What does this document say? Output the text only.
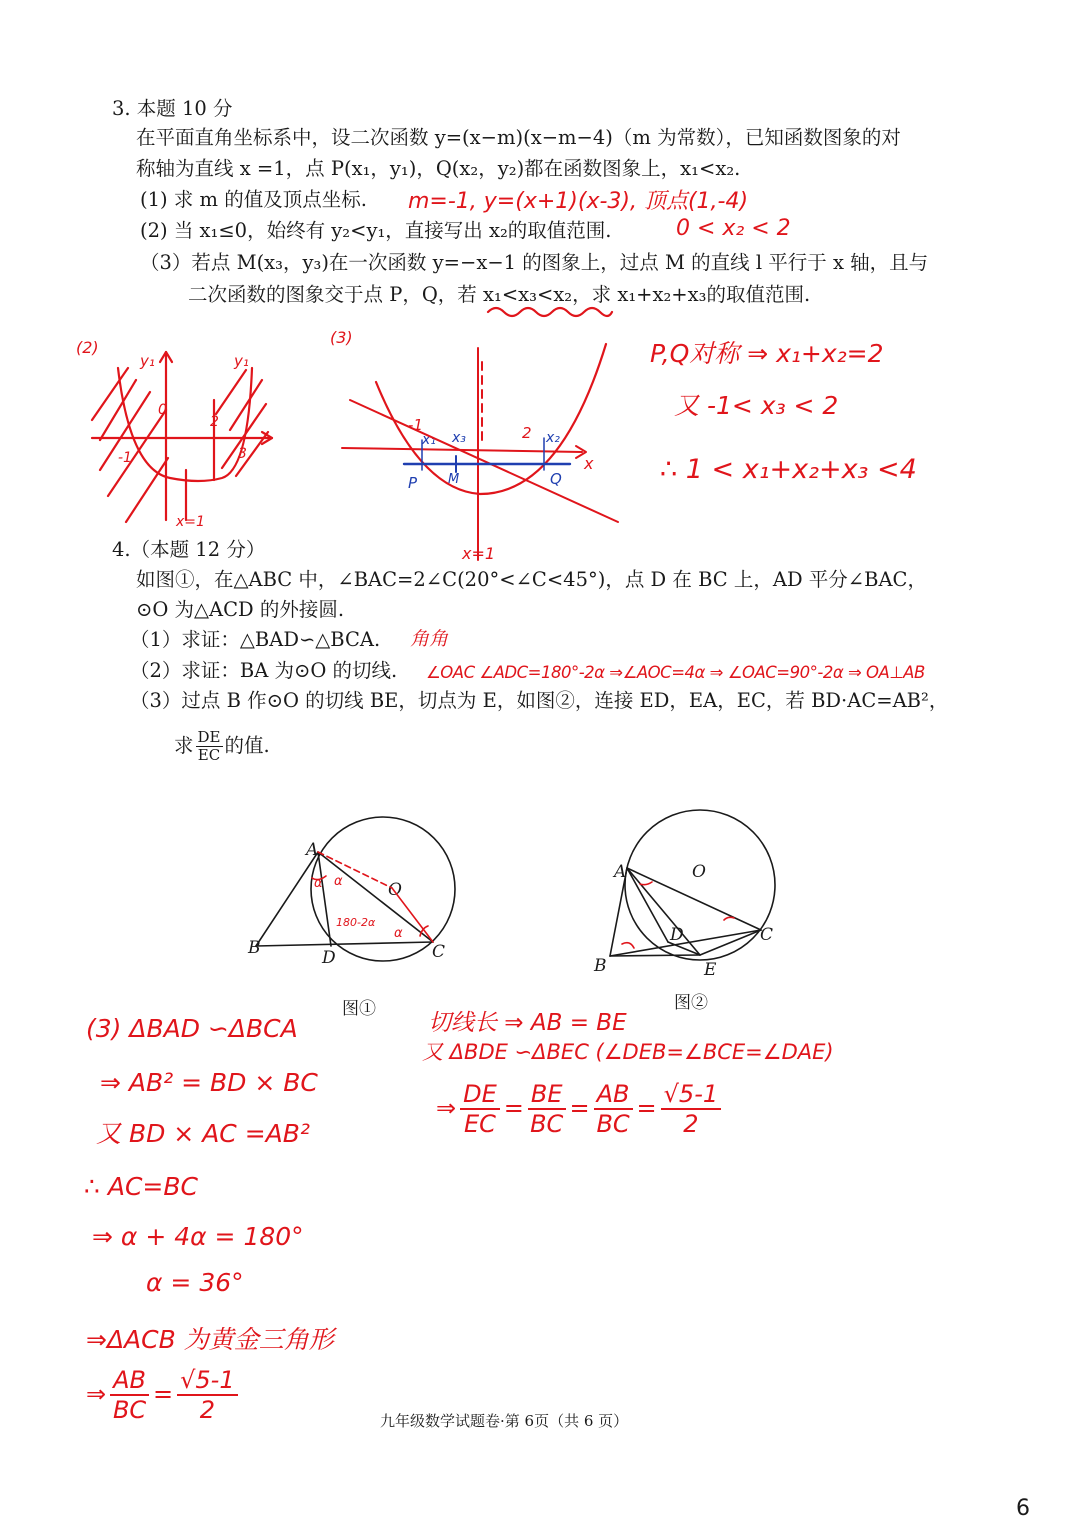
3. 本题 10 分
在平面直角坐标系中，设二次函数 y=(x−m)(x−m−4)（m 为常数），已知函数图象的对
称轴为直线 x =1，点 P(x₁，y₁)，Q(x₂，y₂)都在函数图象上，x₁<x₂.
(1) 求 m 的值及顶点坐标.
(2) 当 x₁≤0，始终有 y₂<y₁，直接写出 x₂的取值范围.
（3）若点 M(x₃，y₃)在一次函数 y=−x−1 的图象上，过点 M 的直线 l 平行于 x 轴，且与
二次函数的图象交于点 P，Q，若 x₁<x₃<x₂，求 x₁+x₂+x₃的取值范围.
m=-1, y=(x+1)(x-3), 顶点(1,-4)
0 < x₂ < 2
(2)
(3)
P,Q对称 ⇒ x₁+x₂=2
又 -1< x₃ < 2
∴ 1 < x₁+x₂+x₃ <4
y₁	y₁
0
2
-1	3
x=1
-1	2
x
x=1
x₁ x₃	x₂
P M	Q
4.（本题 12 分）
如图①，在△ABC 中，∠BAC=2∠C(20°<∠C<45°)，点 D 在 BC 上，AD 平分∠BAC，
⊙O 为△ACD 的外接圆.
（1）求证：△BAD∽△BCA.
（2）求证：BA 为⊙O 的切线.
（3）过点 B 作⊙O 的切线 BE，切点为 E，如图②，连接 ED，EA，EC，若 BD·AC=AB²，
求 $\frac{DE}{EC}$ 的值.
角角
∠OAC ∠ADC=180°-2α ⇒∠AOC=4α ⇒ ∠OAC=90°-2α ⇒ OA⊥AB
A
B	C
D
O
α α
180-2α
α
图①
A
B
C
D
E
O
图②
(3) ΔBAD ∽ΔBCA
⇒ AB² = BD × BC
又 BD × AC =AB²
∴ AC=BC
⇒ α + 4α = 180°
α = 36°
⇒ΔACB 为黄金三角形
⇒ $\frac{AB}{BC} = \frac{√5-1}{2}$
切线长 ⇒ AB = BE
又 ΔBDE ∽ΔBEC (∠DEB=∠BCE=∠DAE)
⇒ $\frac{DE}{EC} = \frac{BE}{BC} = \frac{AB}{BC} = \frac{√5-1}{2}$
九年级数学试题卷·第 6页（共 6 页）
6
